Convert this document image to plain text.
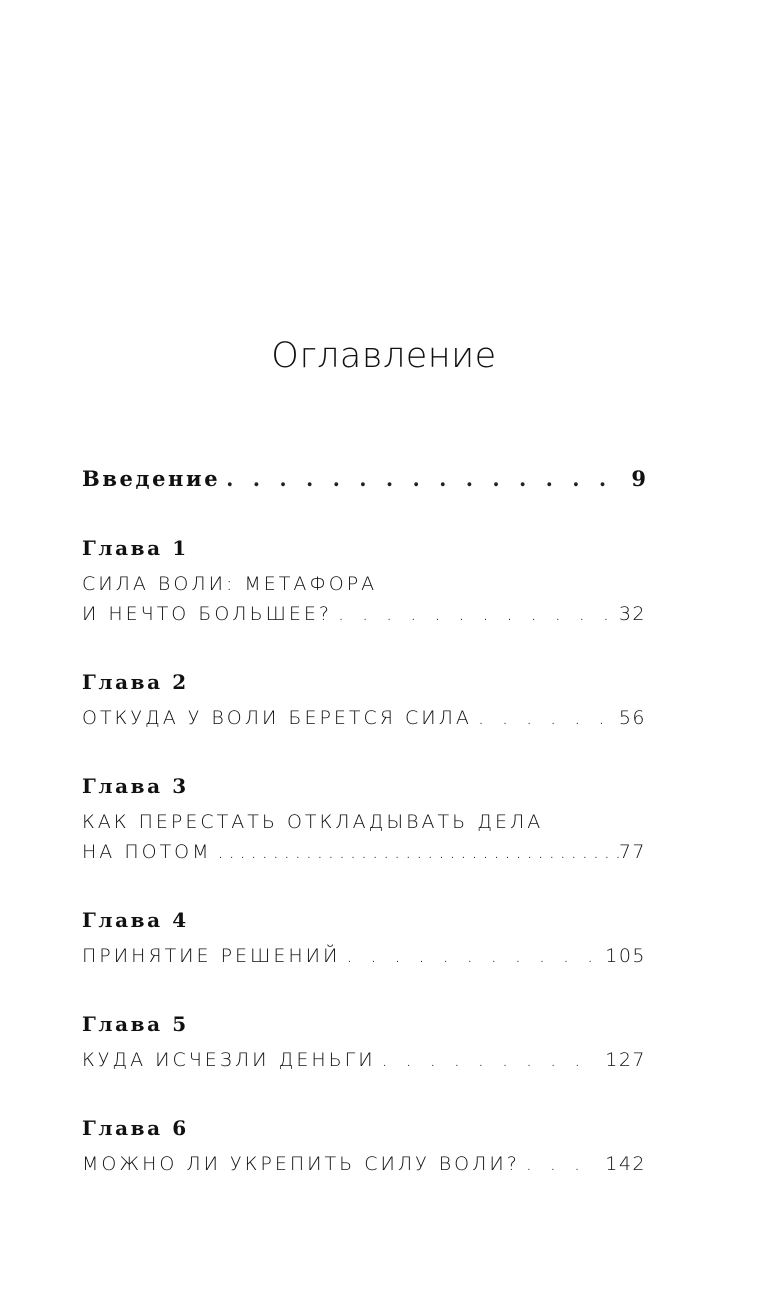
Оглавление
Введение . . .	9
Глава 1
СИЛА ВОЛИ: МЕТАФОРА
И НЕЧТО БОЛЬШЕЕ? . . .	32
Глава 2
ОТКУДА У ВОЛИ БЕРЕТСЯ СИЛА . . .	56
Глава 3
КАК ПЕРЕСТАТЬ ОТКЛАДЫВАТЬ ДЕЛА
НА ПОТОМ .....	77
Глава 4
ПРИНЯТИЕ РЕШЕНИЙ . . .	105
Глава 5
КУДА ИСЧЕЗЛИ ДЕНЬГИ . . .	127
Глава 6
МОЖНО ЛИ УКРЕПИТЬ СИЛУ ВОЛИ? . . .	142
